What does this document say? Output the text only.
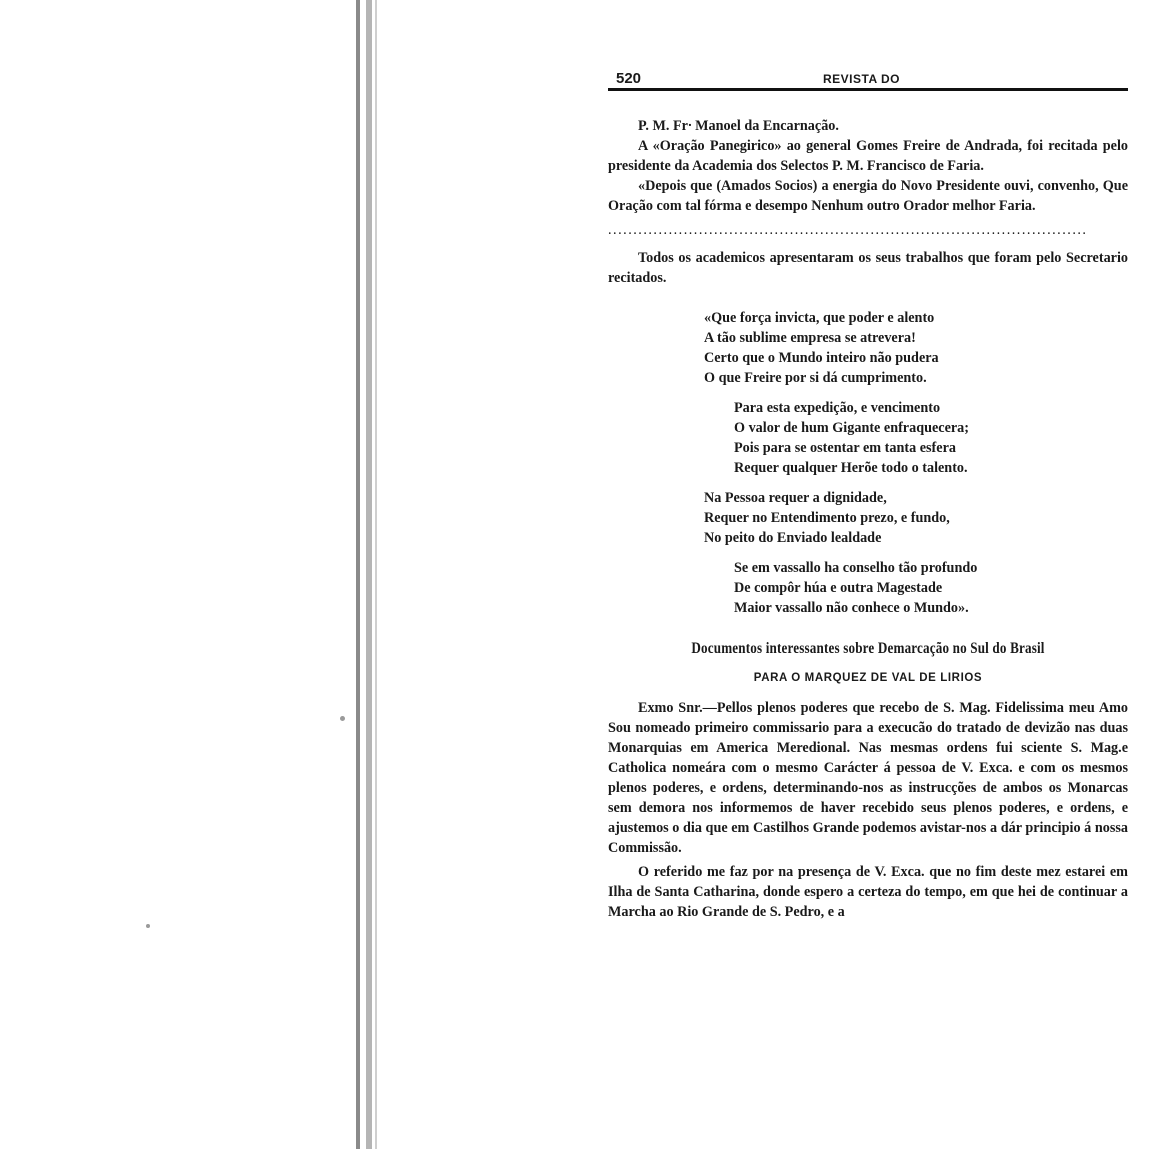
520	REVISTA DO

P. M. Frᐧ Manoel da Encarnação.

A «Oração Panegirico» ao general Gomes Freire de Andrada, foi recitada pelo presidente da Academia dos Selectos P. M. Francisco de Faria.

«Depois que (Amados Socios) a energia do Novo Presidente ouvi, convenho, Que Oração com tal fórma e desempo Nenhum outro Orador melhor Faria.

...............................................................................................

Todos os academicos apresentaram os seus trabalhos que foram pelo Secretario recitados.

«Que força invicta, que poder e alento
A tão sublime empresa se atrevera!
Certo que o Mundo inteiro não pudera
O que Freire por si dá cumprimento.
Para esta expedição, e vencimento
O valor de hum Gigante enfraquecera;
Pois para se ostentar em tanta esfera
Requer qualquer Herõe todo o talento.
Na Pessoa requer a dignidade,
Requer no Entendimento prezo, e fundo,
No peito do Enviado lealdade
Se em vassallo ha conselho tão profundo
De compôr húa e outra Magestade
Maior vassallo não conhece o Mundo».
Documentos interessantes sobre Demarcação no Sul do Brasil
PARA O MARQUEZ DE VAL DE LIRIOS

Exmo Snr.—Pellos plenos poderes que recebo de S. Mag. Fidelissima meu Amo Sou nomeado primeiro commissario para a execucão do tratado de devizão nas duas Monarquias em America Meredional. Nas mesmas ordens fui sciente S. Mag.e Catholica nomeára com o mesmo Carácter á pessoa de V. Exca. e com os mesmos plenos poderes, e ordens, determinando-nos as instrucções de ambos os Monarcas sem demora nos informemos de haver recebido seus plenos poderes, e ordens, e ajustemos o dia que em Castilhos Grande podemos avistar-nos a dár principio á nossa Commissão.

O referido me faz por na presença de V. Exca. que no fim deste mez estarei em Ilha de Santa Catharina, donde espero a certeza do tempo, em que hei de continuar a Marcha ao Rio Grande de S. Pedro, e a
